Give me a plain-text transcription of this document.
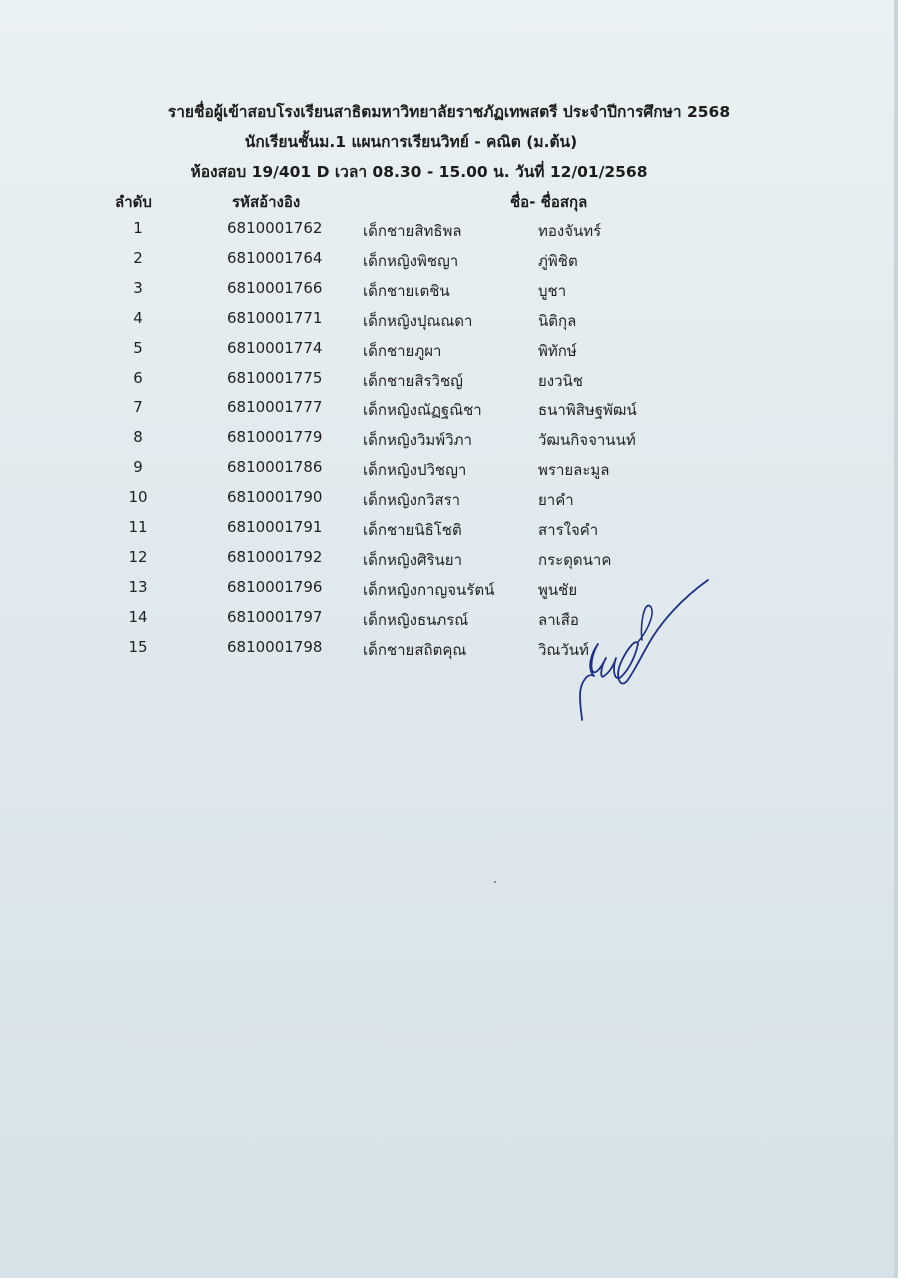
รายชื่อผู้เข้าสอบโรงเรียนสาธิตมหาวิทยาลัยราชภัฏเทพสตรี ประจำปีการศึกษา 2568
นักเรียนชั้นม.1 แผนการเรียนวิทย์ - คณิต (ม.ต้น)
ห้องสอบ 19/401 D เวลา 08.30 - 15.00 น. วันที่ 12/01/2568
ลำดับ	รหัสอ้างอิง	ชื่อ- ชื่อสกุล
1	6810001762	เด็กชายสิทธิพล	ทองจันทร์
2	6810001764	เด็กหญิงพิชญา	ภู่พิชิต
3	6810001766	เด็กชายเตชิน	บูชา
4	6810001771	เด็กหญิงปุณณดา	นิติกุล
5	6810001774	เด็กชายภูผา	พิทักษ์
6	6810001775	เด็กชายสิรวิชญ์	ยงวนิช
7	6810001777	เด็กหญิงณัฏฐณิชา	ธนาพิสิษฐพัฒน์
8	6810001779	เด็กหญิงวิมพ์วิภา	วัฒนกิจจานนท์
9	6810001786	เด็กหญิงปวิชญา	พรายละมูล
10	6810001790	เด็กหญิงกวิสรา	ยาคำ
11	6810001791	เด็กชายนิธิโชติ	สารใจคำ
12	6810001792	เด็กหญิงศิรินยา	กระดุดนาค
13	6810001796	เด็กหญิงกาญจนรัตน์	พูนชัย
14	6810001797	เด็กหญิงธนภรณ์	ลาเสือ
15	6810001798	เด็กชายสถิตคุณ	วิณวันท์
